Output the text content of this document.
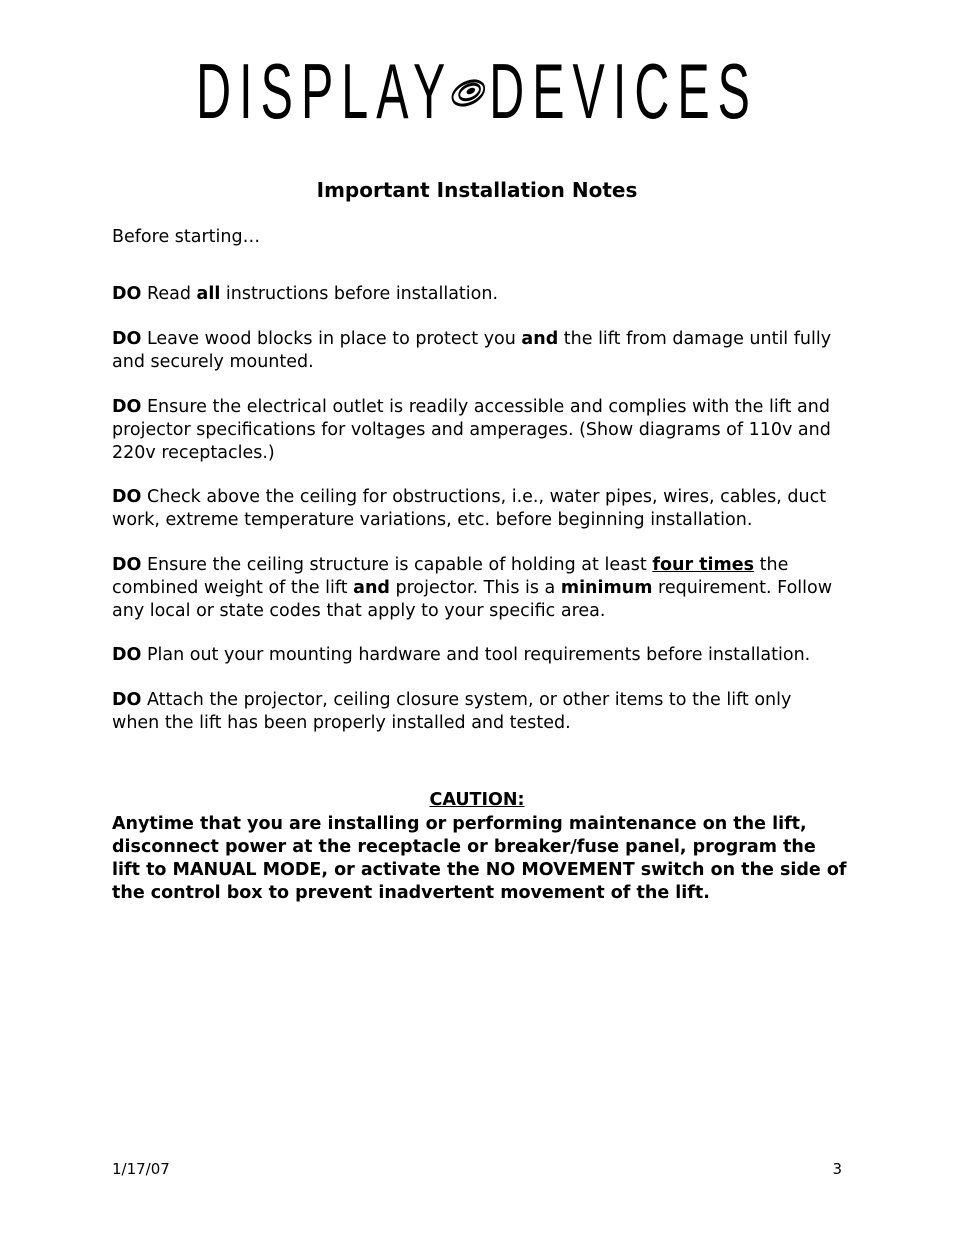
DISPLAY DEVICES
Important Installation Notes

Before starting…

DO Read all instructions before installation.

DO Leave wood blocks in place to protect you and the lift from damage until fully and securely mounted.

DO Ensure the electrical outlet is readily accessible and complies with the lift and projector specifications for voltages and amperages. (Show diagrams of 110v and 220v receptacles.)

DO Check above the ceiling for obstructions, i.e., water pipes, wires, cables, duct work, extreme temperature variations, etc. before beginning installation.

DO Ensure the ceiling structure is capable of holding at least four times the combined weight of the lift and projector. This is a minimum requirement. Follow any local or state codes that apply to your specific area.

DO Plan out your mounting hardware and tool requirements before installation.

DO Attach the projector, ceiling closure system, or other items to the lift only when the lift has been properly installed and tested.

CAUTION:
Anytime that you are installing or performing maintenance on the lift, disconnect power at the receptacle or breaker/fuse panel, program the lift to MANUAL MODE, or activate the NO MOVEMENT switch on the side of the control box to prevent inadvertent movement of the lift.
1/17/07	3
